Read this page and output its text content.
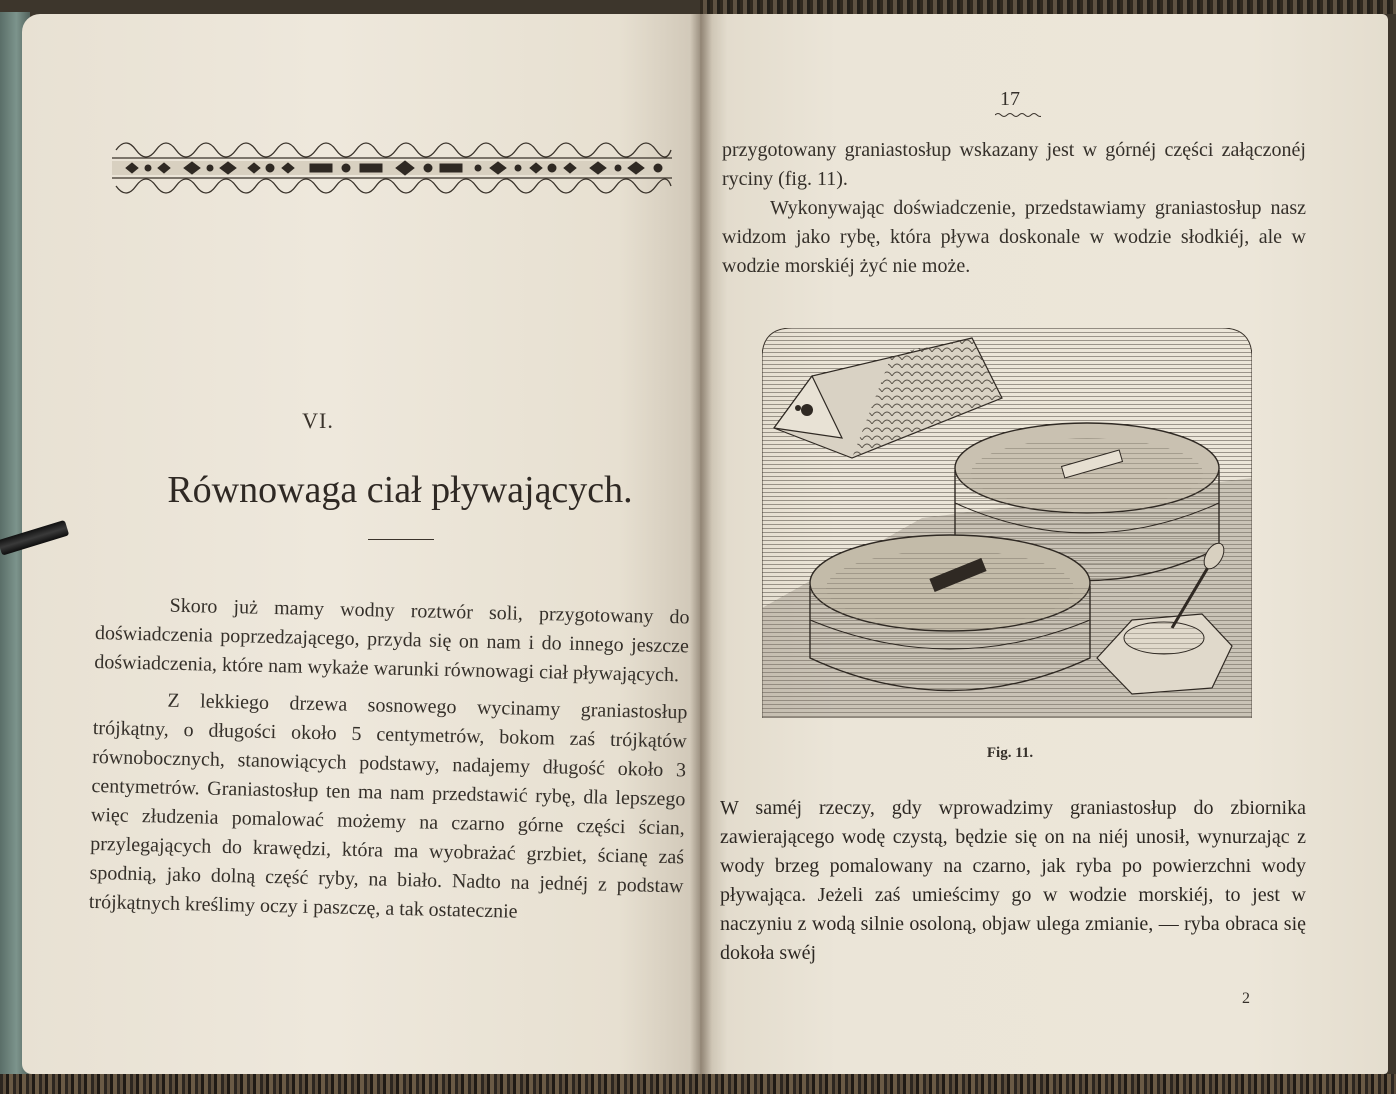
VI.
Równowaga ciał pływających.

Skoro już mamy wodny roztwór soli, przygotowany do doświadczenia poprzedzającego, przyda się on nam i do innego jeszcze doświadczenia, które nam wykaże warunki równowagi ciał pływających.

Z lekkiego drzewa sosnowego wycinamy graniastosłup trójkątny, o długości około 5 centymetrów, bokom zaś trójkątów równobocznych, stanowiących podstawy, nadajemy długość około 3 centymetrów. Graniastosłup ten ma nam przedstawić rybę, dla lepszego więc złudzenia pomalować możemy na czarno górne części ścian, przylegających do krawędzi, która ma wyobrażać grzbiet, ścianę zaś spodnią, jako dolną część ryby, na biało. Nadto na jednéj z podstaw trójkątnych kreślimy oczy i paszczę, a tak ostatecznie

17

przygotowany graniastosłup wskazany jest w górnéj części załączonéj ryciny (fig. 11).

Wykonywając doświadczenie, przedstawiamy graniastosłup nasz widzom jako rybę, która pływa doskonale w wodzie słodkiéj, ale w wodzie morskiéj żyć nie może.

Fig. 11.

W saméj rzeczy, gdy wprowadzimy graniastosłup do zbiornika zawierającego wodę czystą, będzie się on na niéj unosił, wynurzając z wody brzeg pomalowany na czarno, jak ryba po powierzchni wody pływająca. Jeżeli zaś umieścimy go w wodzie morskiéj, to jest w naczyniu z wodą silnie osoloną, objaw ulega zmianie, — ryba obraca się dokoła swéj

2
